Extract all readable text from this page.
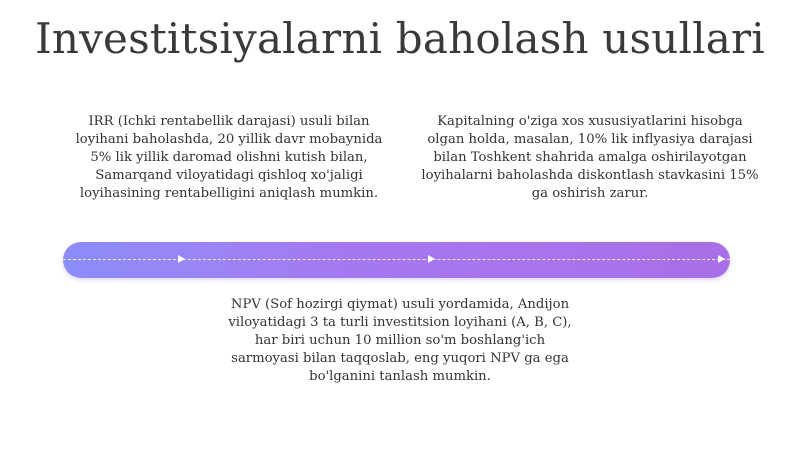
Investitsiyalarni baholash usullari
IRR (Ichki rentabellik darajasi) usuli bilan loyihani baholashda, 20 yillik davr mobaynida 5% lik yillik daromad olishni kutish bilan, Samarqand viloyatidagi qishloq xo'jaligi loyihasining rentabelligini aniqlash mumkin.
Kapitalning o'ziga xos xususiyatlarini hisobga olgan holda, masalan, 10% lik inflyasiya darajasi bilan Toshkent shahrida amalga oshirilayotgan loyihalarni baholashda diskontlash stavkasini 15% ga oshirish zarur.
NPV (Sof hozirgi qiymat) usuli yordamida, Andijon viloyatidagi 3 ta turli investitsion loyihani (A, B, C), har biri uchun 10 million so'm boshlang'ich sarmoyasi bilan taqqoslab, eng yuqori NPV ga ega bo'lganini tanlash mumkin.
